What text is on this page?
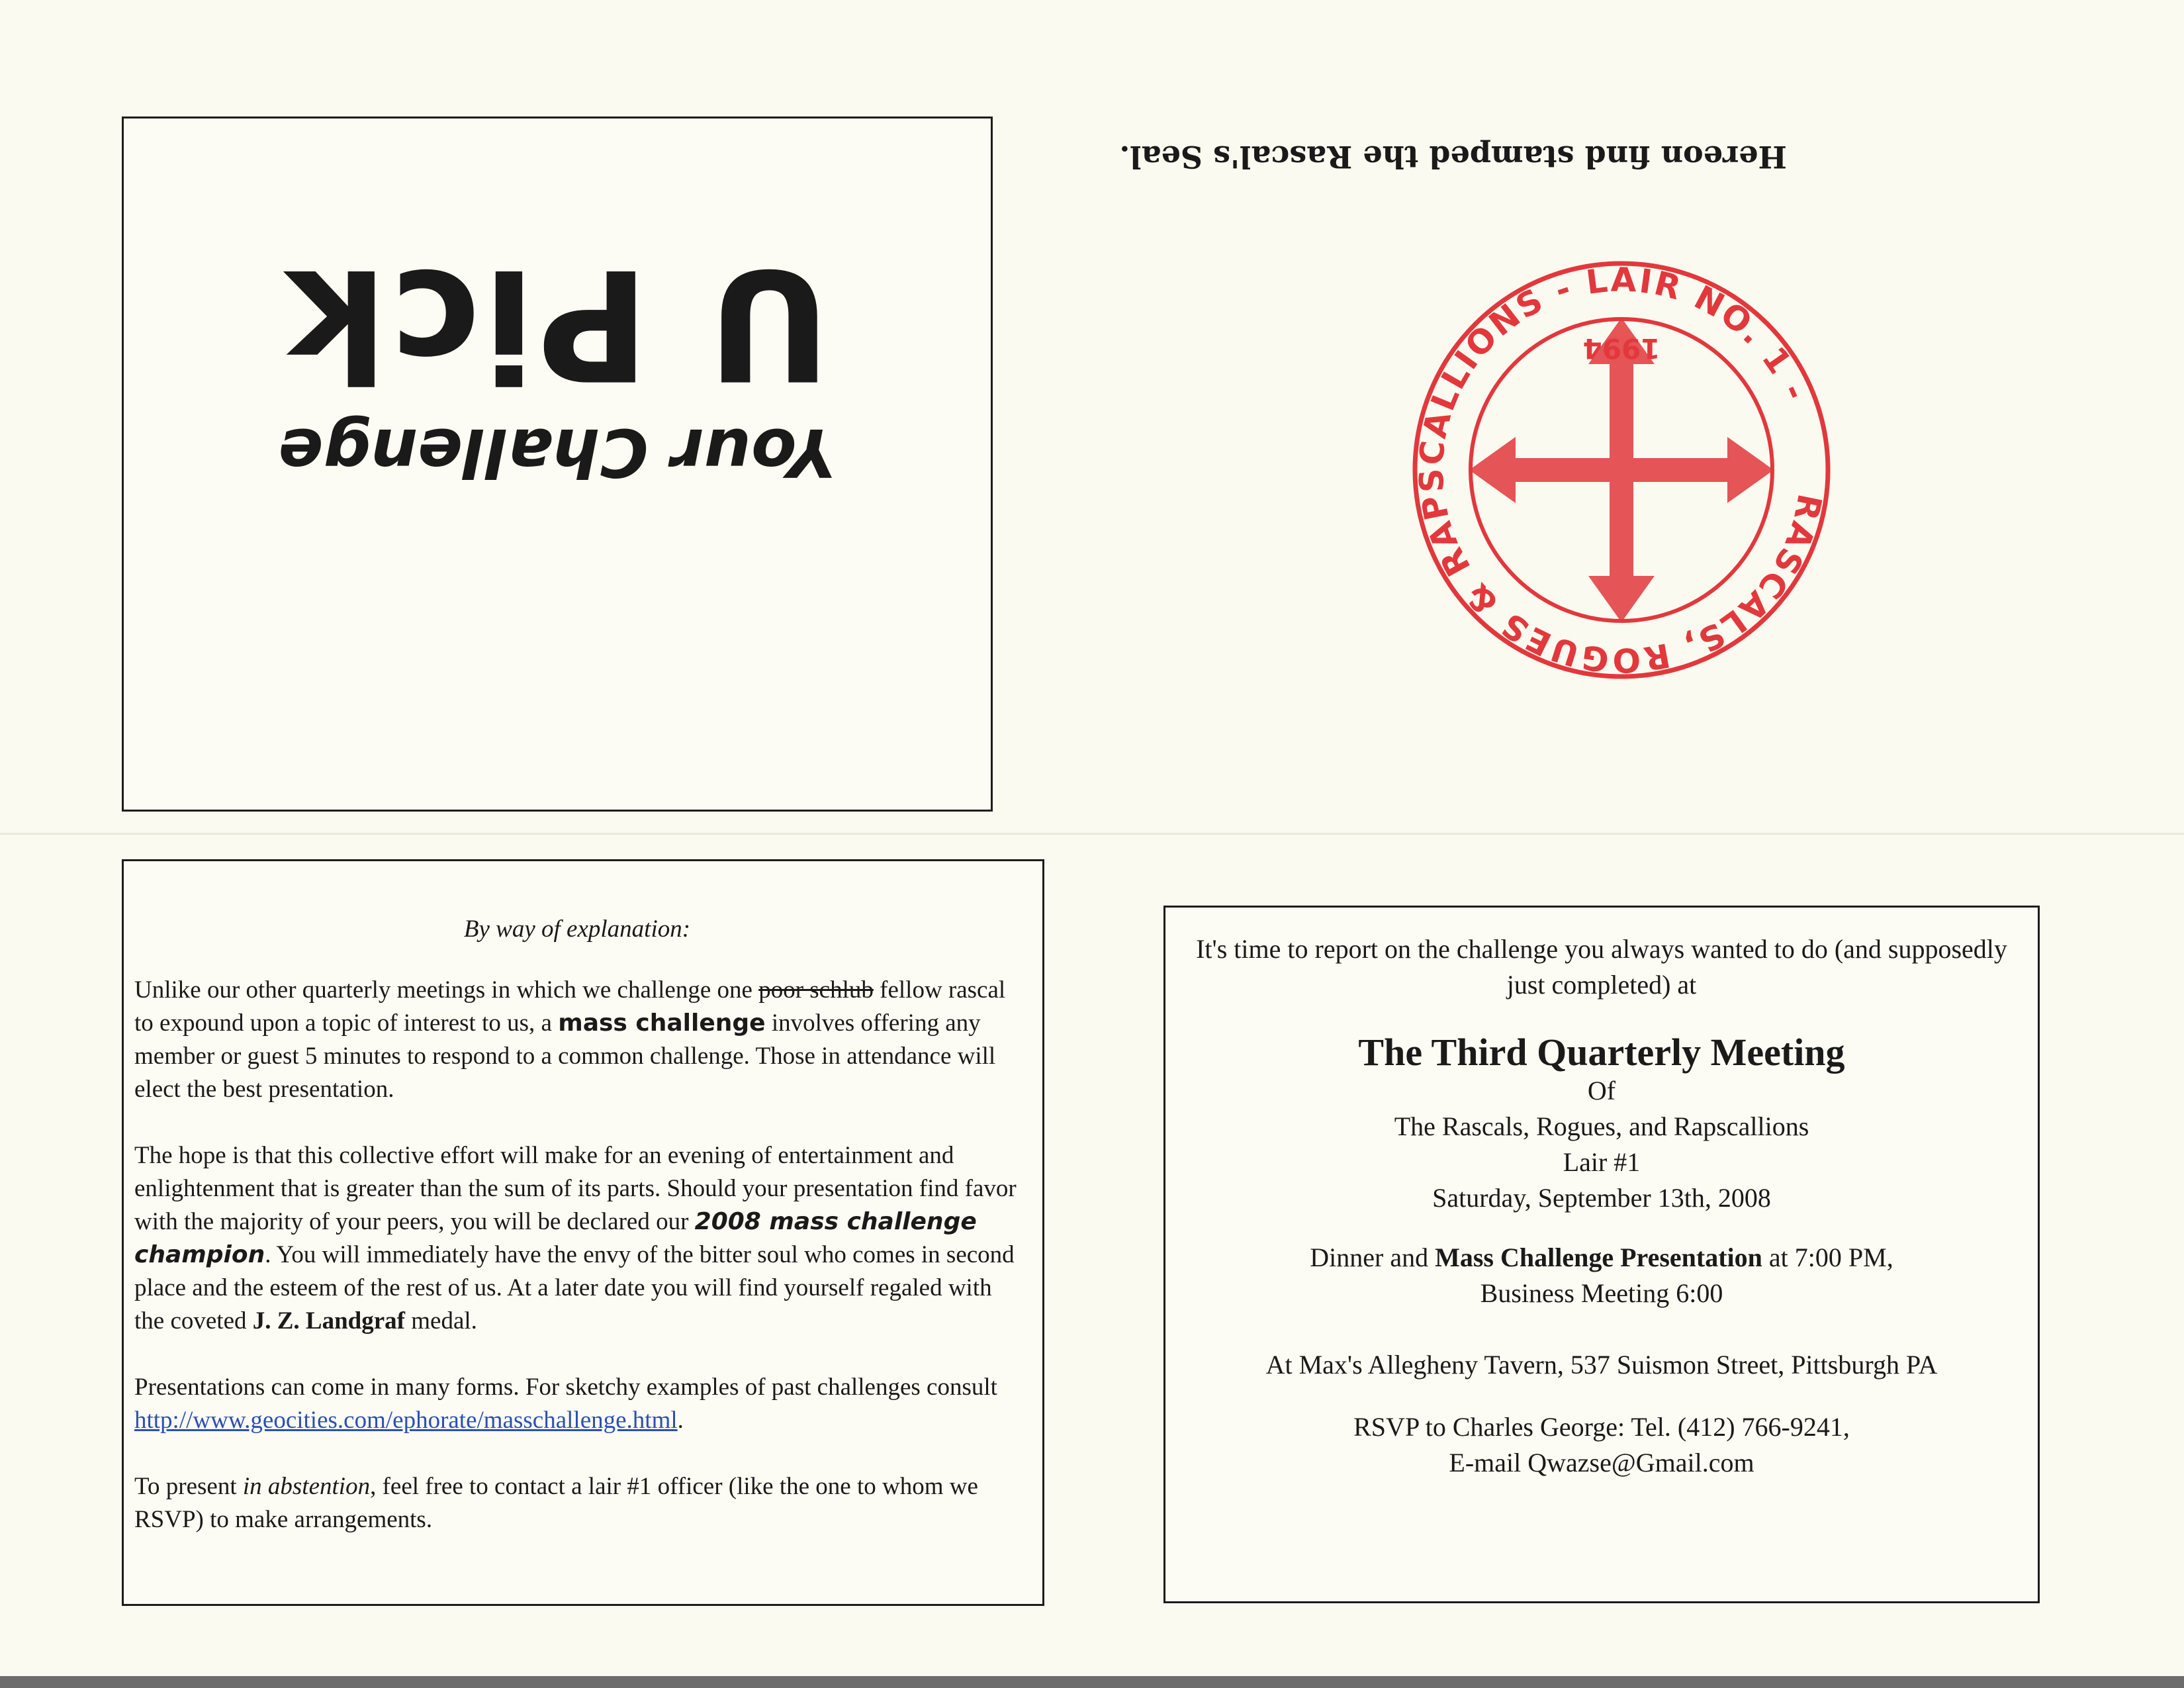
U Pick
Your Challenge
Hereon find stamped the Rascal's Seal.
RASCALS, ROGUES & RAPSCALLIONS - LAIR NO. 1 -
1994

By way of explanation:

Unlike our other quarterly meetings in which we challenge one poor schlub fellow rascal to expound upon a topic of interest to us, a mass challenge involves offering any member or guest 5 minutes to respond to a common challenge. Those in attendance will elect the best presentation.

The hope is that this collective effort will make for an evening of entertainment and enlightenment that is greater than the sum of its parts. Should your presentation find favor with the majority of your peers, you will be declared our 2008 mass challenge champion. You will immediately have the envy of the bitter soul who comes in second place and the esteem of the rest of us. At a later date you will find yourself regaled with the coveted J. Z. Landgraf medal.

Presentations can come in many forms. For sketchy examples of past challenges consult http://www.geocities.com/ephorate/masschallenge.html.

To present in abstention, feel free to contact a lair #1 officer (like the one to whom we RSVP) to make arrangements.

It's time to report on the challenge you always wanted to do (and supposedly just completed) at

The Third Quarterly Meeting

Of

The Rascals, Rogues, and Rapscallions

Lair #1

Saturday, September 13th, 2008

Dinner and Mass Challenge Presentation at 7:00 PM,

Business Meeting 6:00

At Max's Allegheny Tavern, 537 Suismon Street, Pittsburgh PA

RSVP to Charles George: Tel. (412) 766-9241,

E-mail Qwazse@Gmail.com
